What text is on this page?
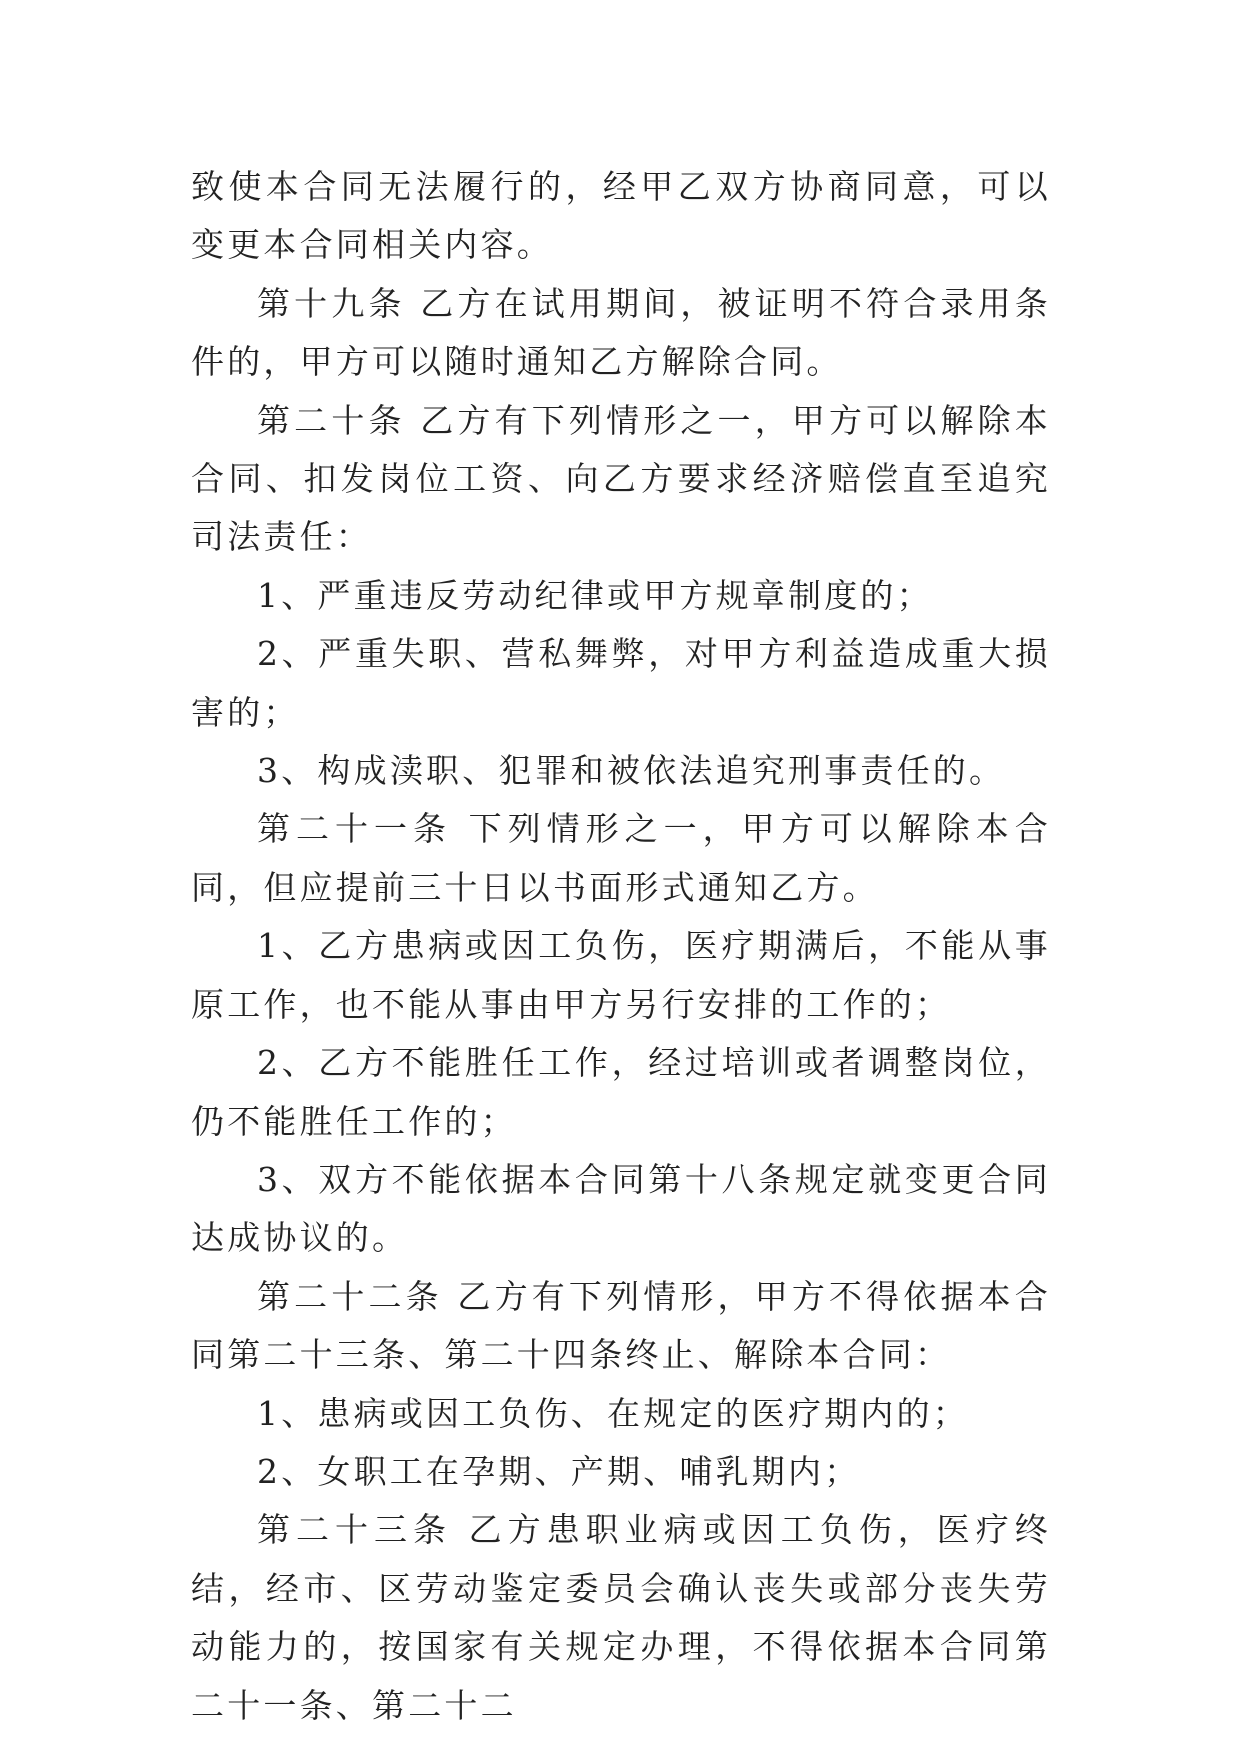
致使本合同无法履行的，经甲乙双方协商同意，可以变更本合同相关内容。

第十九条 乙方在试用期间，被证明不符合录用条件的，甲方可以随时通知乙方解除合同。

第二十条 乙方有下列情形之一，甲方可以解除本合同、扣发岗位工资、向乙方要求经济赔偿直至追究司法责任：

1、严重违反劳动纪律或甲方规章制度的；

2、严重失职、营私舞弊，对甲方利益造成重大损害的；

3、构成渎职、犯罪和被依法追究刑事责任的。

第二十一条 下列情形之一，甲方可以解除本合同，但应提前三十日以书面形式通知乙方。

1、乙方患病或因工负伤，医疗期满后，不能从事原工作，也不能从事由甲方另行安排的工作的；

2、乙方不能胜任工作，经过培训或者调整岗位，仍不能胜任工作的；

3、双方不能依据本合同第十八条规定就变更合同达成协议的。

第二十二条 乙方有下列情形，甲方不得依据本合同第二十三条、第二十四条终止、解除本合同：

1、患病或因工负伤、在规定的医疗期内的；

2、女职工在孕期、产期、哺乳期内；

第二十三条 乙方患职业病或因工负伤，医疗终结，经市、区劳动鉴定委员会确认丧失或部分丧失劳动能力的，按国家有关规定办理，不得依据本合同第二十一条、第二十二
